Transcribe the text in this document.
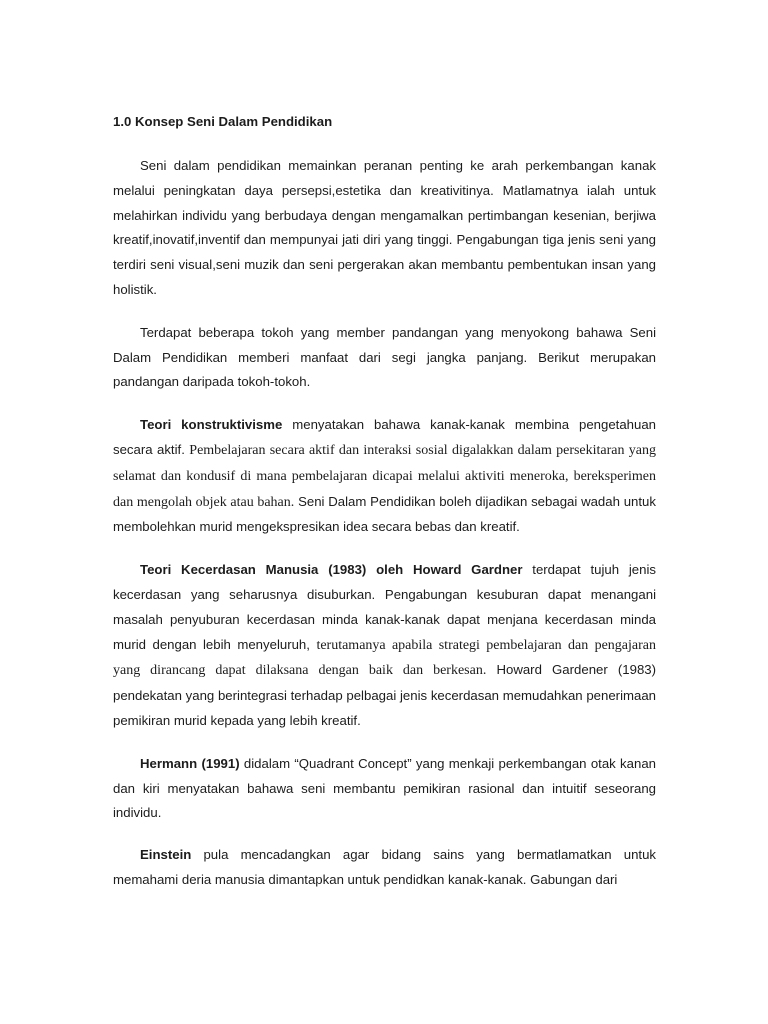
1.0 Konsep Seni Dalam Pendidikan

Seni dalam pendidikan memainkan peranan penting ke arah perkembangan kanak melalui peningkatan daya persepsi,estetika dan kreativitinya. Matlamatnya ialah untuk melahirkan individu yang berbudaya dengan mengamalkan pertimbangan kesenian, berjiwa kreatif,inovatif,inventif dan mempunyai jati diri yang tinggi. Pengabungan tiga jenis seni yang terdiri seni visual,seni muzik dan seni pergerakan akan membantu pembentukan insan yang holistik.

Terdapat beberapa tokoh yang member pandangan yang menyokong bahawa Seni Dalam Pendidikan memberi manfaat dari segi jangka panjang. Berikut merupakan pandangan daripada tokoh-tokoh.

Teori konstruktivisme menyatakan bahawa kanak-kanak membina pengetahuan secara aktif. Pembelajaran secara aktif dan interaksi sosial digalakkan dalam persekitaran yang selamat dan kondusif di mana pembelajaran dicapai melalui aktiviti meneroka, bereksperimen dan mengolah objek atau bahan. Seni Dalam Pendidikan boleh dijadikan sebagai wadah untuk membolehkan murid mengekspresikan idea secara bebas dan kreatif.

Teori Kecerdasan Manusia (1983) oleh Howard Gardner terdapat tujuh jenis kecerdasan yang seharusnya disuburkan. Pengabungan kesuburan dapat menangani masalah penyuburan kecerdasan minda kanak-kanak dapat menjana kecerdasan minda murid dengan lebih menyeluruh, terutamanya apabila strategi pembelajaran dan pengajaran yang dirancang dapat dilaksana dengan baik dan berkesan. Howard Gardener (1983) pendekatan yang berintegrasi terhadap pelbagai jenis kecerdasan memudahkan penerimaan pemikiran murid kepada yang lebih kreatif.

Hermann (1991) didalam “Quadrant Concept” yang menkaji perkembangan otak kanan dan kiri menyatakan bahawa seni membantu pemikiran rasional dan intuitif seseorang individu.

Einstein pula mencadangkan agar bidang sains yang bermatlamatkan untuk memahami deria manusia dimantapkan untuk pendidkan kanak-kanak. Gabungan dari
